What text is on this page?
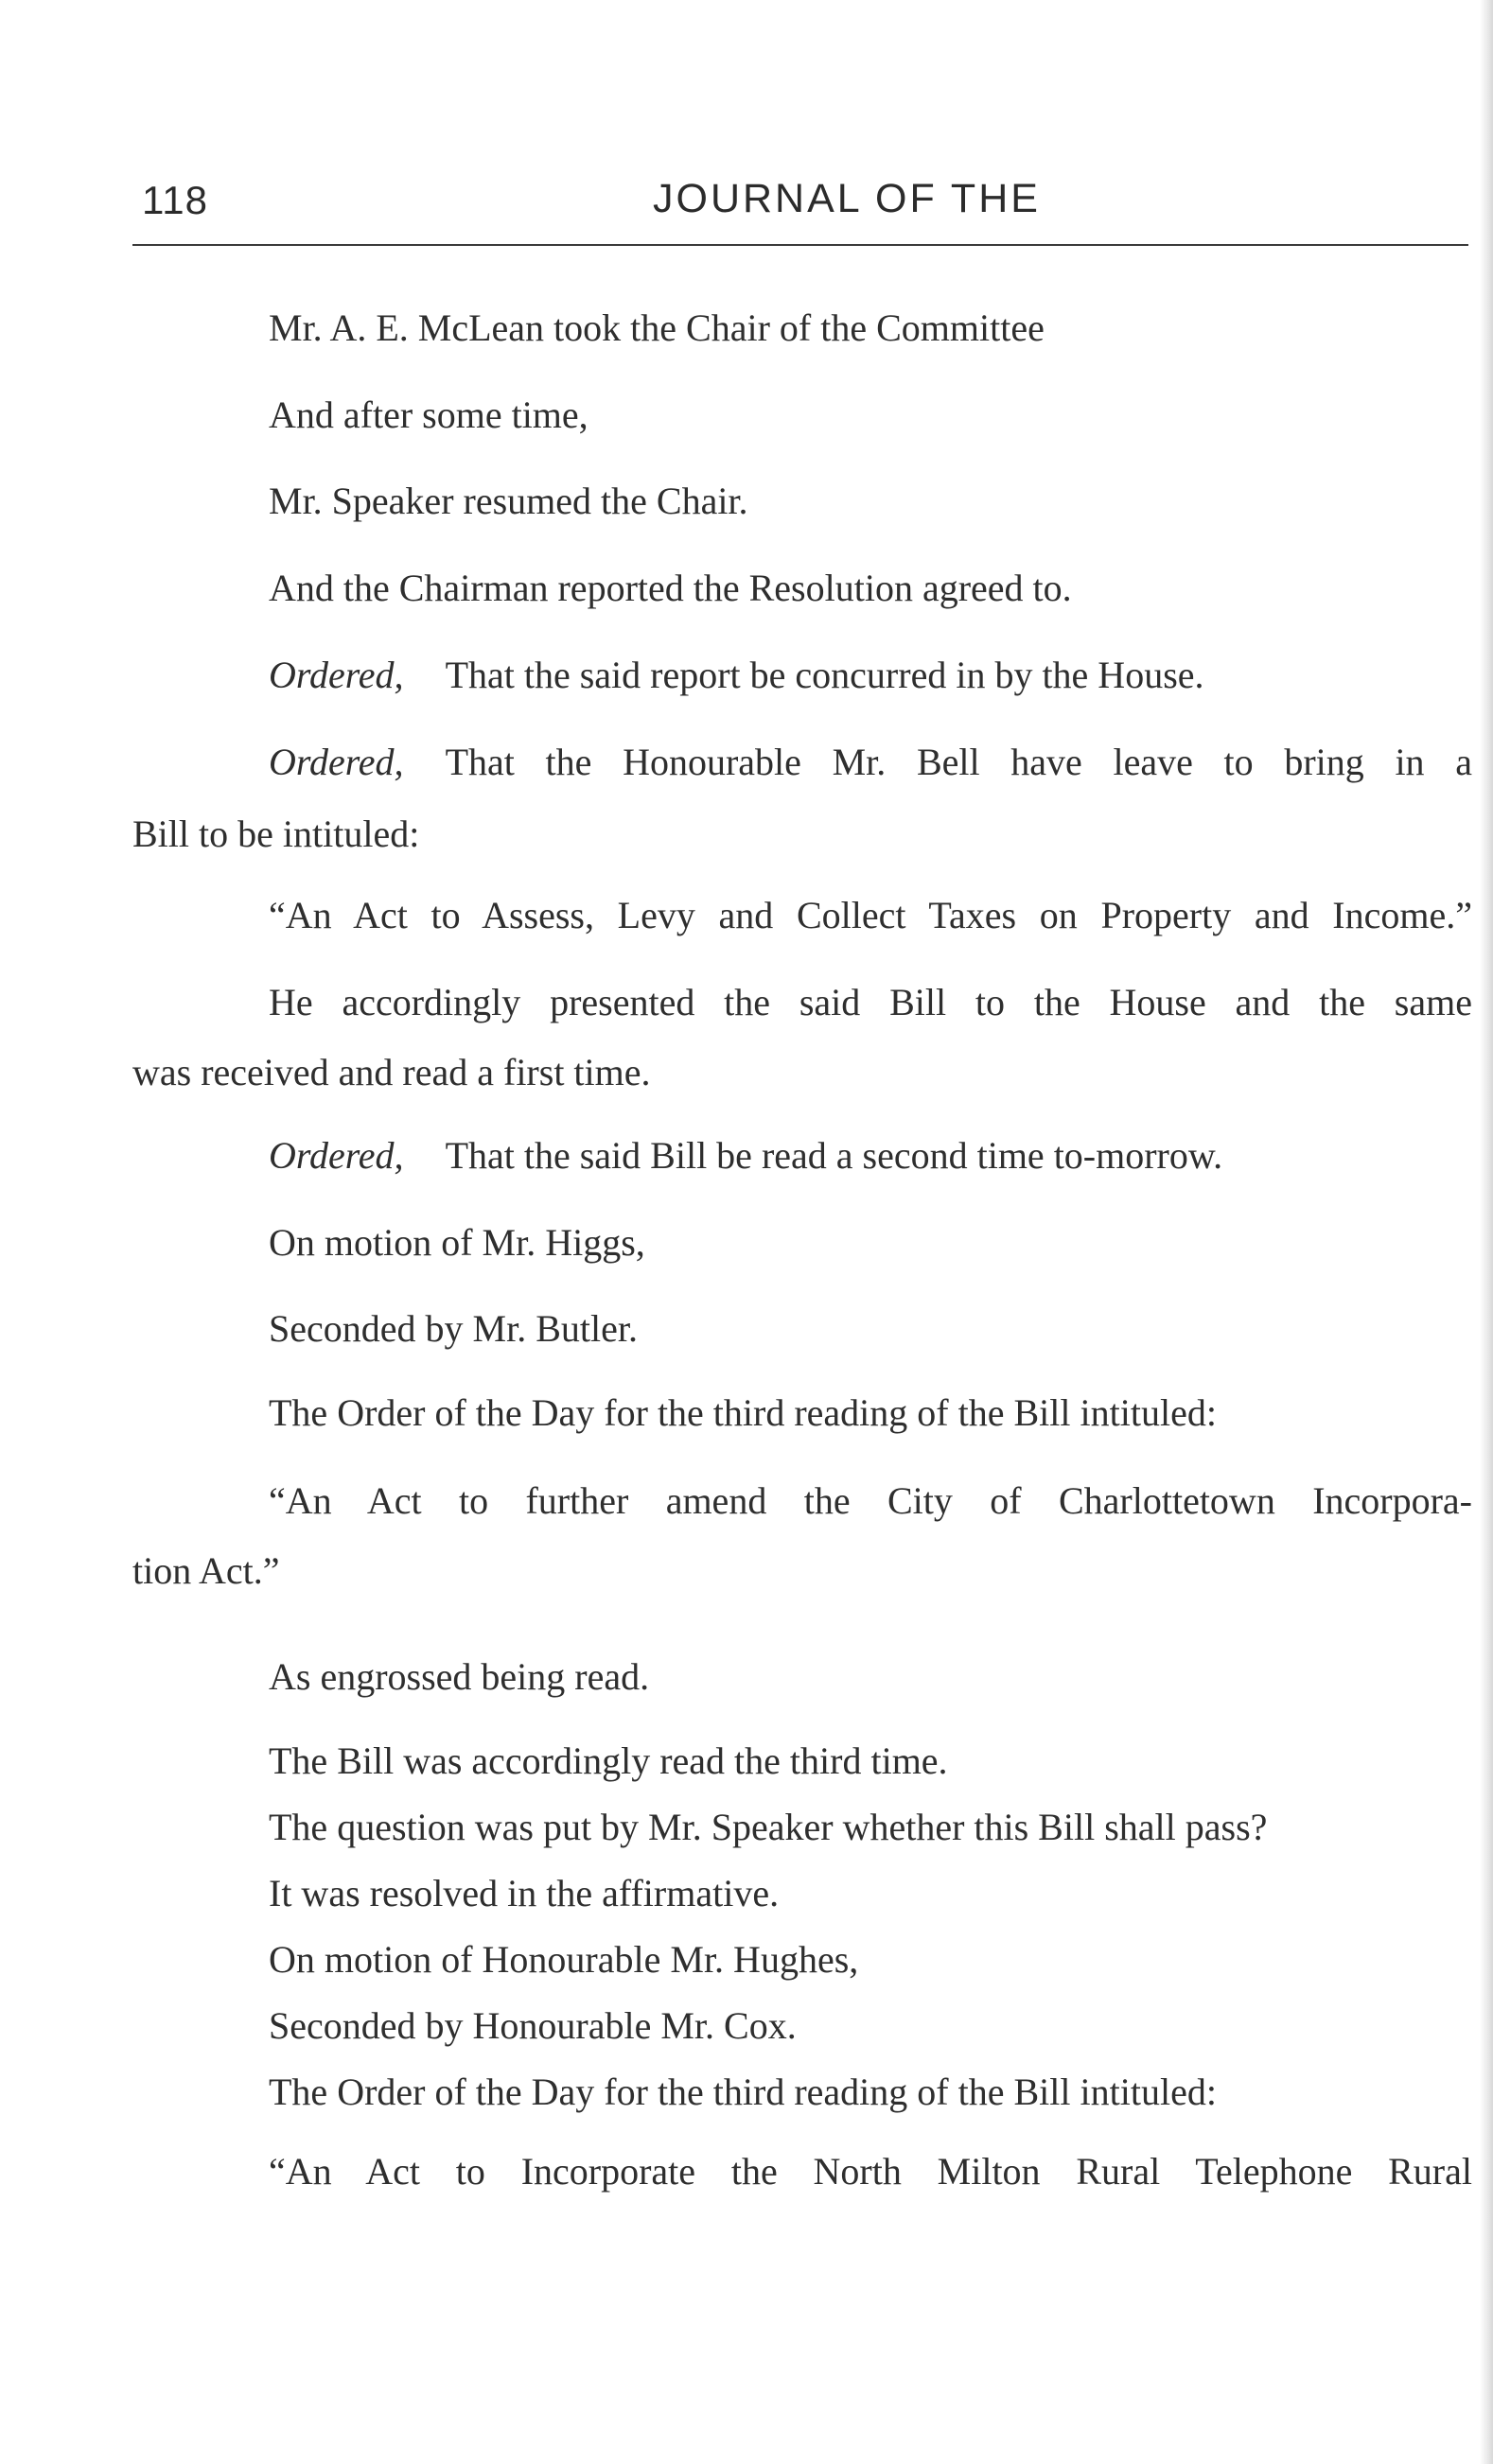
118	JOURNAL OF THE
Mr. A. E. McLean took the Chair of the Committee
And after some time,
Mr. Speaker resumed the Chair.
And the Chairman reported the Resolution agreed to.
Ordered, That the said report be concurred in by the House.
Ordered, That the Honourable Mr. Bell have leave to bring in a
Bill to be intituled:
“An Act to Assess, Levy and Collect Taxes on Property and Income.”
He accordingly presented the said Bill to the House and the same
was received and read a first time.
Ordered, That the said Bill be read a second time to-morrow.
On motion of Mr. Higgs,
Seconded by Mr. Butler.
The Order of the Day for the third reading of the Bill intituled:
“An Act to further amend the City of Charlottetown Incorpora-
tion Act.”
As engrossed being read.
The Bill was accordingly read the third time.
The question was put by Mr. Speaker whether this Bill shall pass?
It was resolved in the affirmative.
On motion of Honourable Mr. Hughes,
Seconded by Honourable Mr. Cox.
The Order of the Day for the third reading of the Bill intituled:
“An Act to Incorporate the North Milton Rural Telephone Rural
